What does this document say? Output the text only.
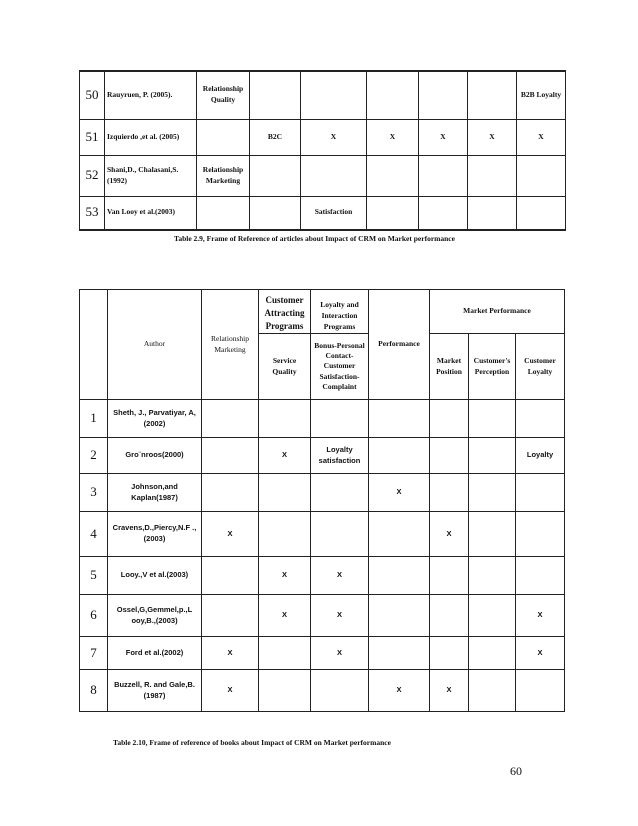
50	Rauyruen, P. (2005).	Relationship Quality						B2B Loyalty
51	Izquierdo ,et al. (2005)		B2C	X	X	X	X	X
52	Shani,D., Chalasani,S. (1992)	Relationship Marketing						
53	Van Looy et al.(2003)			Satisfaction				
Table 2.9, Frame of Reference of articles about Impact of CRM on Market performance
	Author	Relationship Marketing	Customer Attracting Programs	Loyalty and Interaction Programs	Performance	Market Performance		
			Service Quality	Bonus-Personal Contact-Customer Satisfaction-Complaint		Market Position	Customer's Perception	Customer Loyalty
1	Sheth, J., Parvatiyar, A, (2002)							
2	Gro¨nroos(2000)		X	Loyalty satisfaction				Loyalty
3	Johnson,and Kaplan(1987)				X			
4	Cravens,D.,Piercy,N.F .,(2003)	X				X		
5	Looy.,V et al.(2003)		X	X				
6	Ossel,G,Gemmel,p.,L ooy,B.,(2003)		X	X				X
7	Ford et al.(2002)	X		X				X
8	Buzzell, R. and Gale,B.(1987)	X			X	X		
Table 2.10, Frame of reference of books about Impact of CRM on Market performance
60
